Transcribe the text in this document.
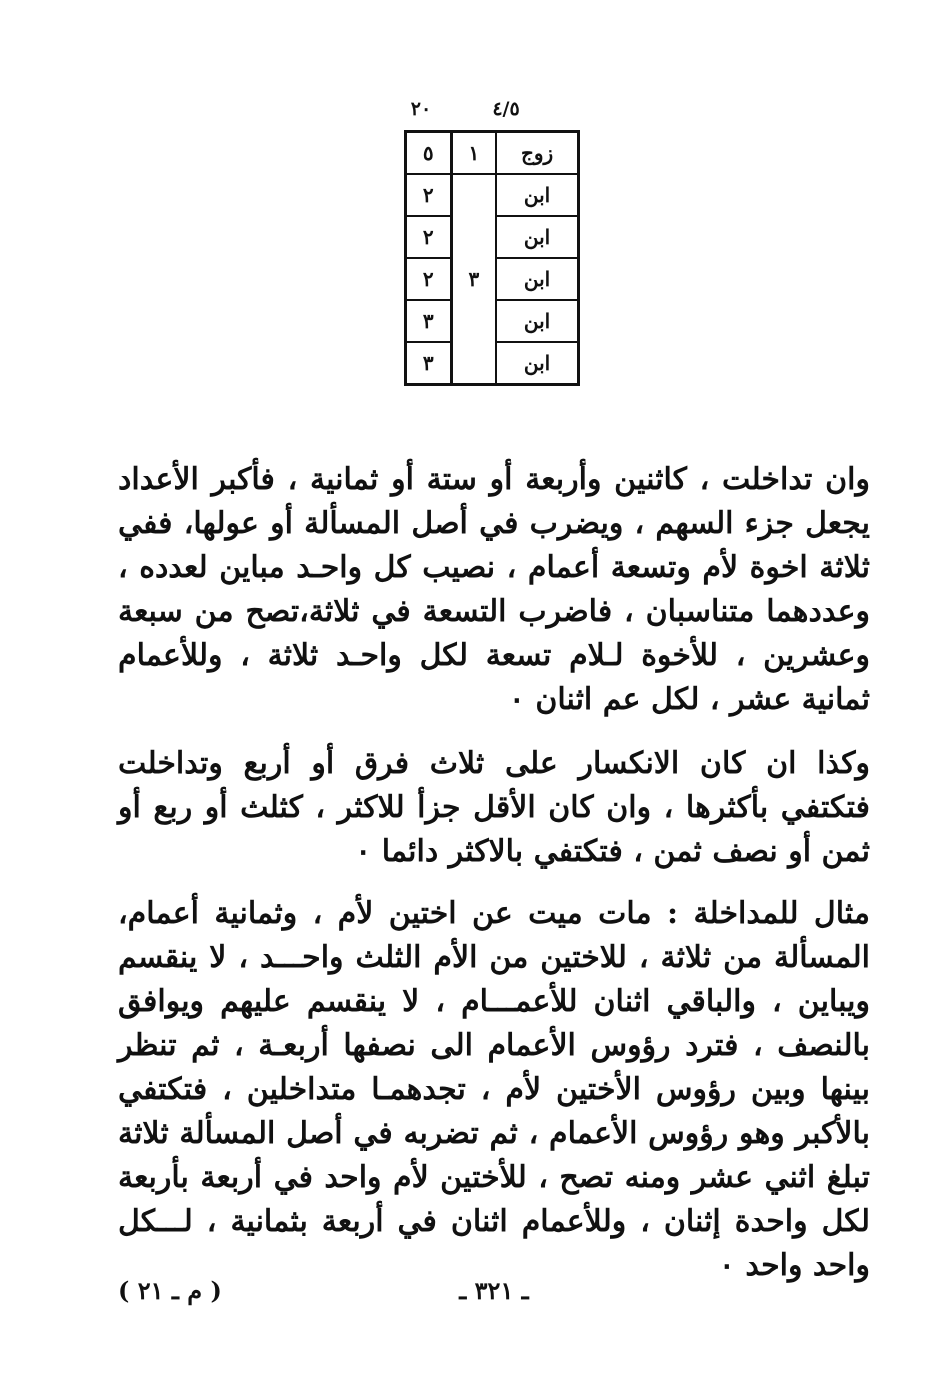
٤/٥
٢٠
زوج	١	٥
ابن	٣	٢
ابن		٢
ابن		٢
ابن		٣
ابن		٣

وان تداخلت ، كاثنين وأربعة أو ستة أو ثمانية ، فأكبر الأعداد يجعل جزء السهم ، ويضرب في أصل المسألة أو عولها، ففي ثلاثة اخوة لأم وتسعة أعمام ، نصيب كل واحـد مباين لعدده ، وعددهما متناسبان ، فاضرب التسعة في ثلاثة،تصح من سبعة وعشرين ، للأخوة لـلام تسعة لكل واحـد ثلاثة ، وللأعمام ثمانية عشر ، لكل عم اثنان ٠

وكذا ان كان الانكسار على ثلاث فرق أو أربع وتداخلت فتكتفي بأكثرها ، وان كان الأقل جزأ للاكثر ، كثلث أو ربع أو ثمن أو نصف ثمن ، فتكتفي بالاكثر دائما ٠

مثال للمداخلة : مات ميت عن اختين لأم ، وثمانية أعمام، المسألة من ثلاثة ، للاختين من الأم الثلث واحـــد ، لا ينقسم ويباين ، والباقي اثنان للأعمـــام ، لا ينقسم عليهم ويوافق بالنصف ، فترد رؤوس الأعمام الى نصفها أربعـة ، ثم تنظر بينها وبين رؤوس الأختين لأم ، تجدهمـا متداخلين ، فتكتفي بالأكبر وهو رؤوس الأعمام ، ثم تضربه في أصل المسألة ثلاثة تبلغ اثني عشر ومنه تصح ، للأختين لأم واحد في أربعة بأربعة لكل واحدة إثنان ، وللأعمام اثنان في أربعة بثمانية ، لـــكل واحد واحد ٠

ـ ٣٢١ ـ
( م ـ ٢١ )
